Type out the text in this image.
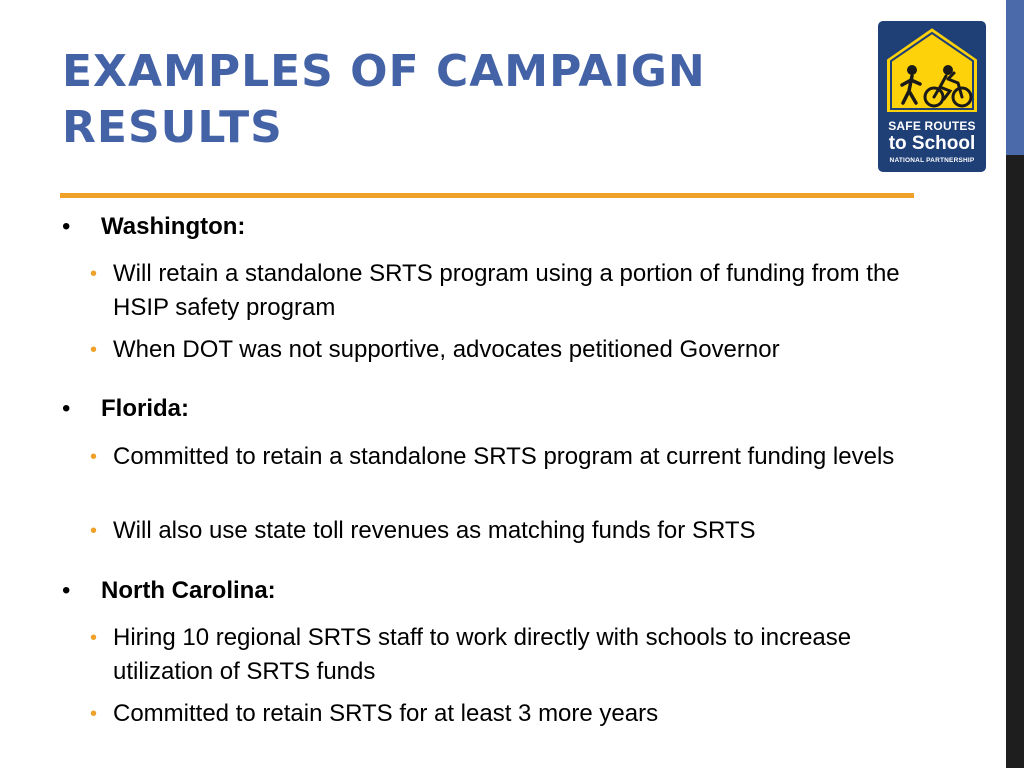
EXAMPLES OF CAMPAIGN RESULTS	SAFE ROUTES
to School
NATIONAL PARTNERSHIP
• Washington:
• Will retain a standalone SRTS program using a portion of funding from the HSIP safety program
• When DOT was not supportive, advocates petitioned Governor
• Florida:
• Committed to retain a standalone SRTS program at current funding levels
• Will also use state toll revenues as matching funds for SRTS
• North Carolina:
• Hiring 10 regional SRTS staff to work directly with schools to increase utilization of SRTS funds
• Committed to retain SRTS for at least 3 more years
